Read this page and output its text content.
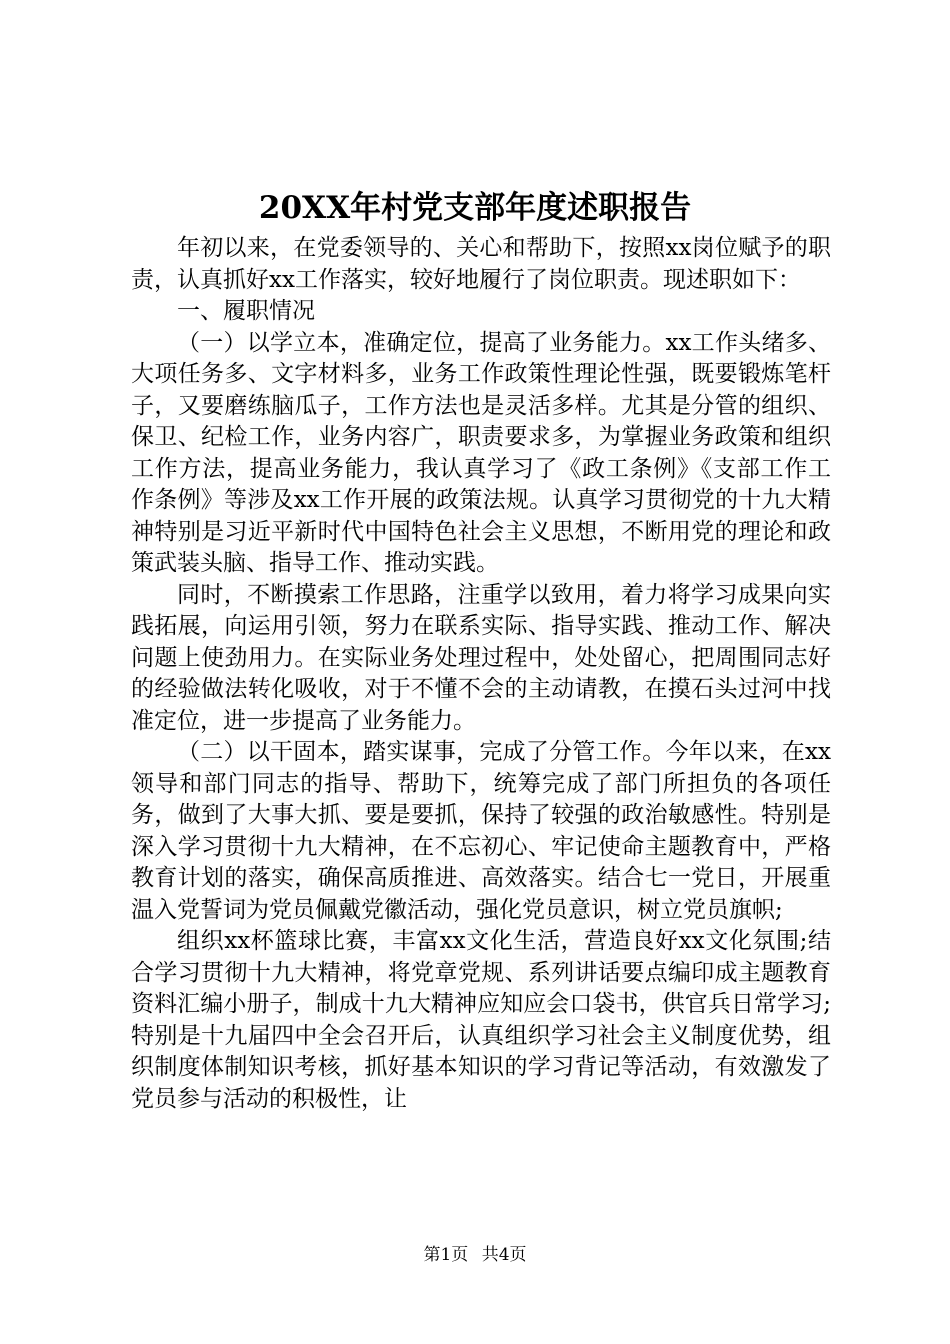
20XX年村党支部年度述职报告

年初以来，在党委领导的、关心和帮助下，按照xx岗位赋予的职责，认真抓好xx工作落实，较好地履行了岗位职责。现述职如下：

一、履职情况

（一）以学立本，准确定位，提高了业务能力。xx工作头绪多、大项任务多、文字材料多，业务工作政策性理论性强，既要锻炼笔杆子，又要磨练脑瓜子，工作方法也是灵活多样。尤其是分管的组织、保卫、纪检工作，业务内容广，职责要求多，为掌握业务政策和组织工作方法，提高业务能力，我认真学习了《政工条例》《支部工作工作条例》等涉及xx工作开展的政策法规。认真学习贯彻党的十九大精神特别是习近平新时代中国特色社会主义思想，不断用党的理论和政策武装头脑、指导工作、推动实践。

同时，不断摸索工作思路，注重学以致用，着力将学习成果向实践拓展，向运用引领，努力在联系实际、指导实践、推动工作、解决问题上使劲用力。在实际业务处理过程中，处处留心，把周围同志好的经验做法转化吸收，对于不懂不会的主动请教，在摸石头过河中找准定位，进一步提高了业务能力。

（二）以干固本，踏实谋事，完成了分管工作。今年以来，在xx领导和部门同志的指导、帮助下，统筹完成了部门所担负的各项任务，做到了大事大抓、要是要抓，保持了较强的政治敏感性。特别是深入学习贯彻十九大精神，在不忘初心、牢记使命主题教育中，严格教育计划的落实，确保高质推进、高效落实。结合七一党日，开展重温入党誓词为党员佩戴党徽活动，强化党员意识，树立党员旗帜;

组织xx杯篮球比赛，丰富xx文化生活，营造良好xx文化氛围;结合学习贯彻十九大精神，将党章党规、系列讲话要点编印成主题教育资料汇编小册子，制成十九大精神应知应会口袋书，供官兵日常学习;特别是十九届四中全会召开后，认真组织学习社会主义制度优势，组织制度体制知识考核，抓好基本知识的学习背记等活动，有效激发了党员参与活动的积极性，让

第1页 共4页
